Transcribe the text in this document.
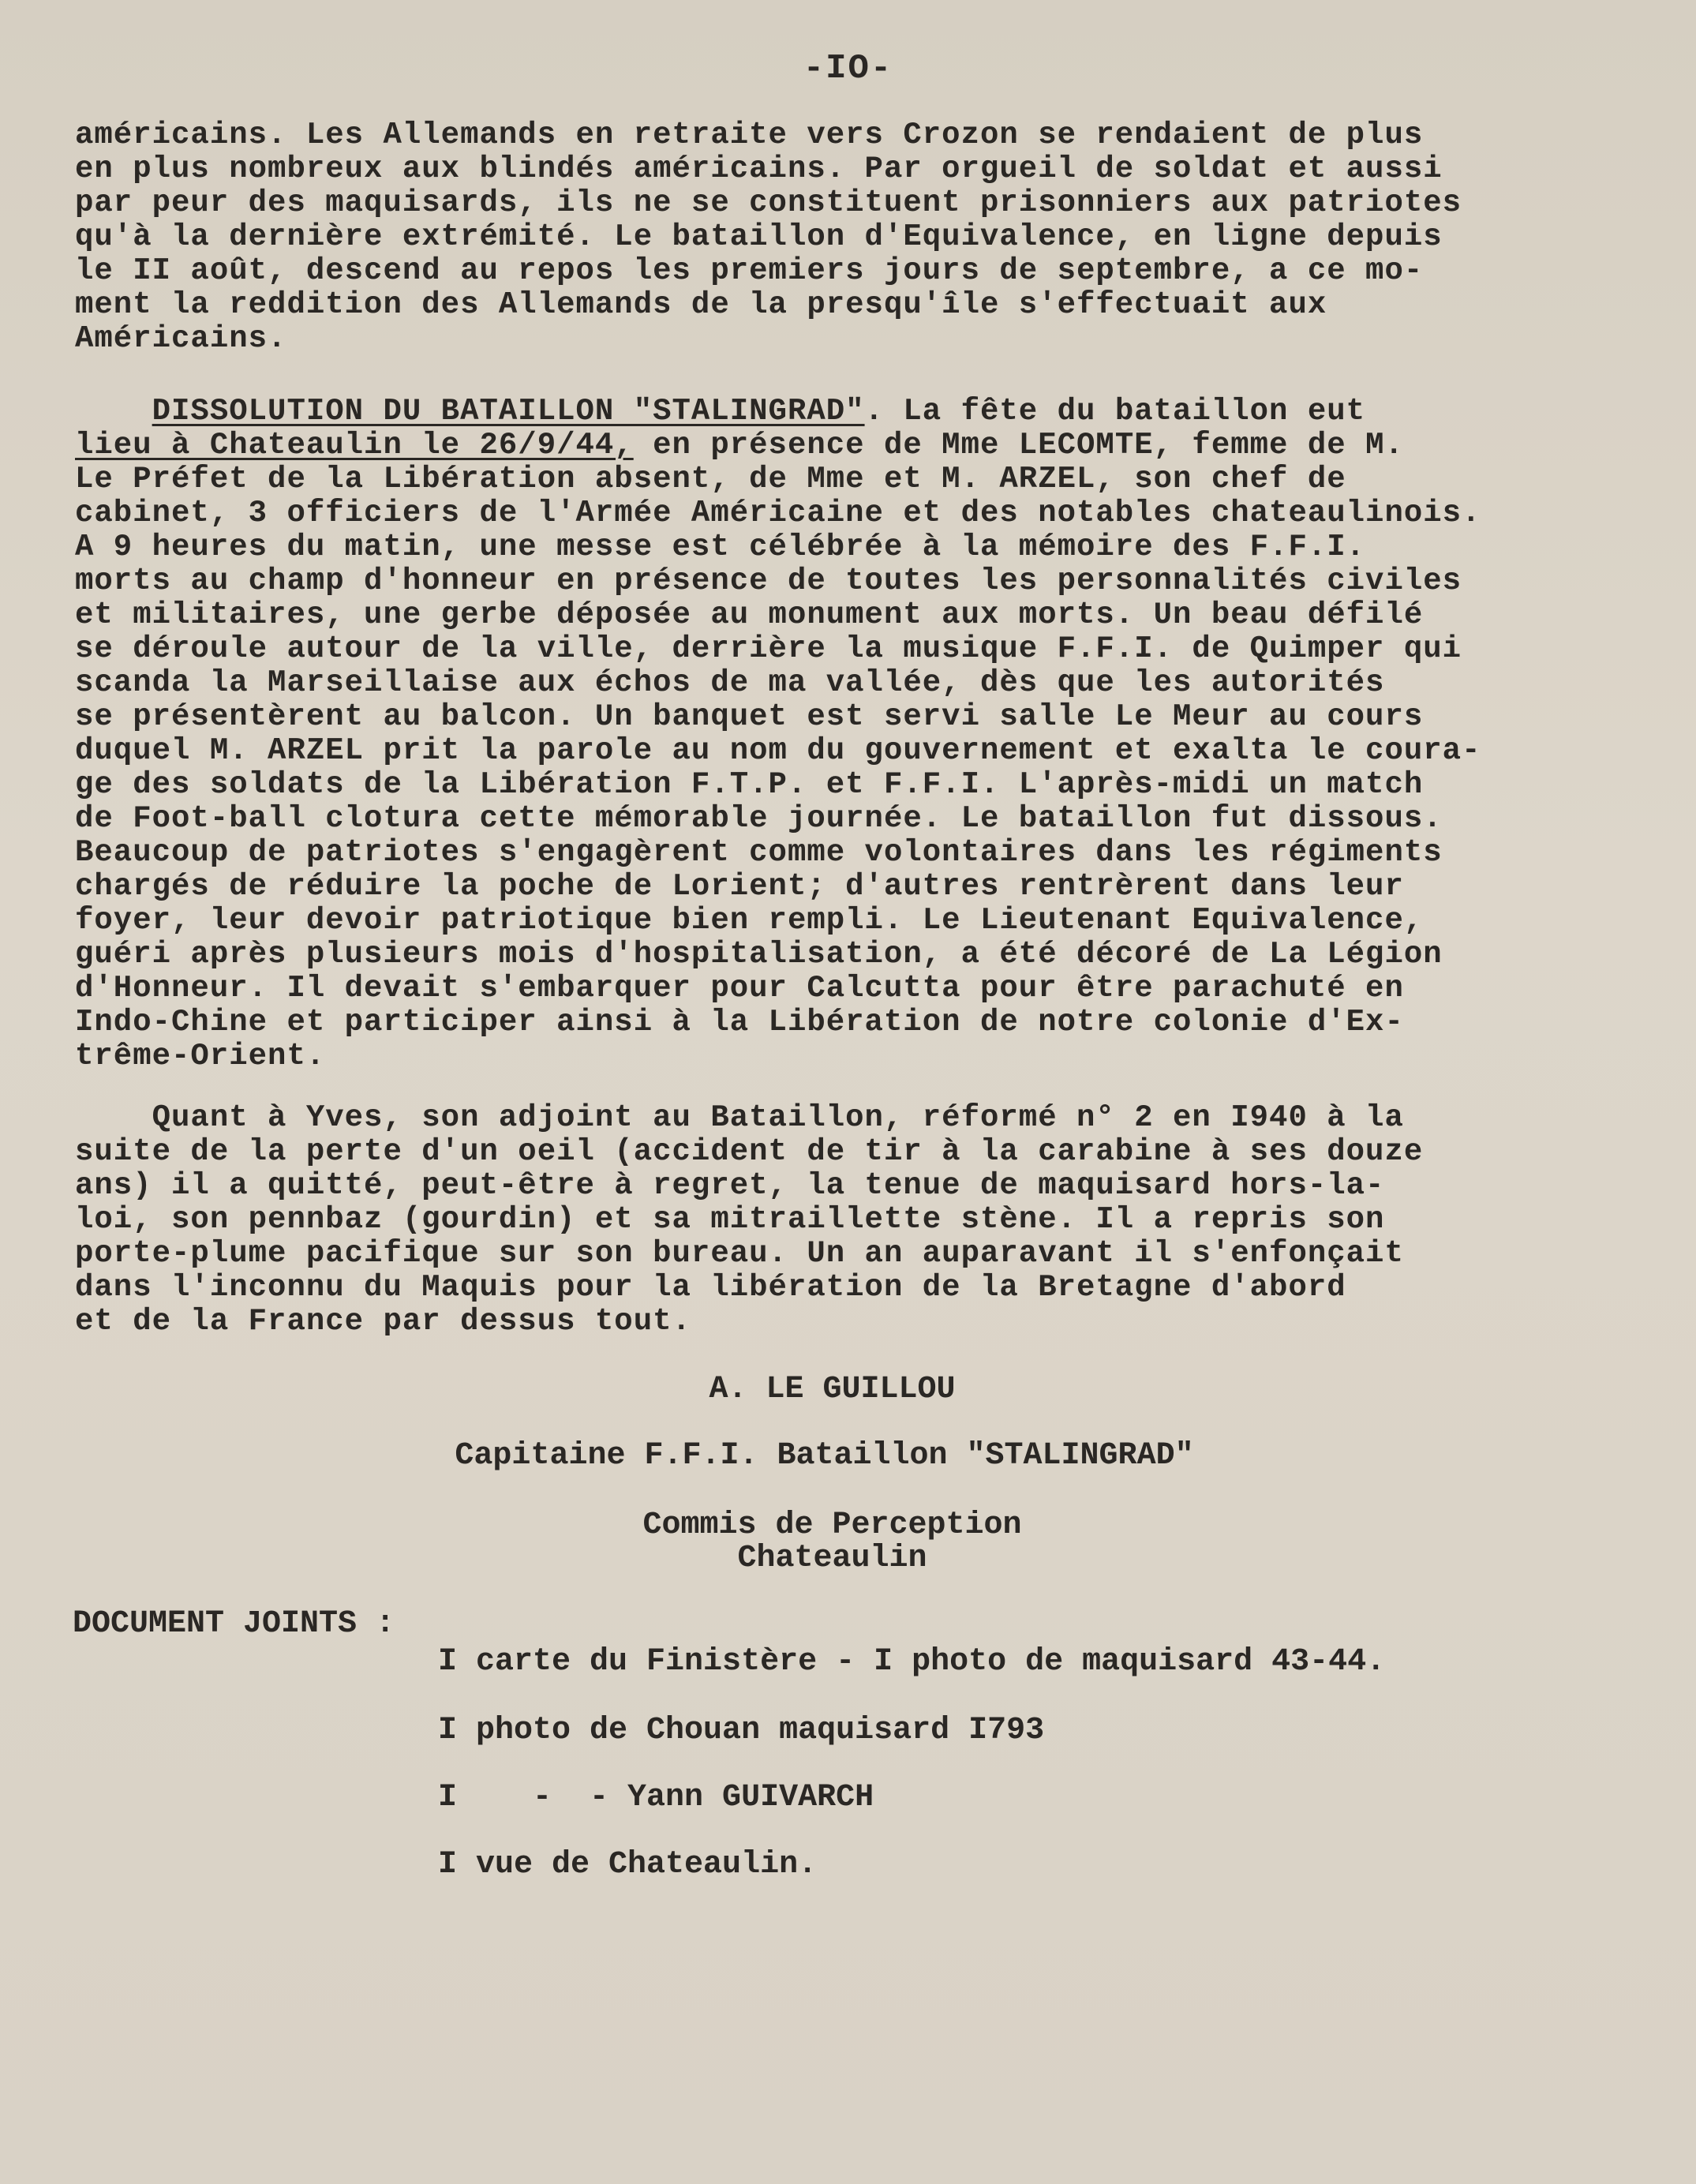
-IO-
américains. Les Allemands en retraite vers Crozon se rendaient de plus
en plus nombreux aux blindés américains. Par orgueil de soldat et aussi
par peur des maquisards, ils ne se constituent prisonniers aux patriotes
qu'à la dernière extrémité. Le bataillon d'Equivalence, en ligne depuis
le II août, descend au repos les premiers jours de septembre, a ce mo-
ment la reddition des Allemands de la presqu'île s'effectuait aux
Américains.
DISSOLUTION DU BATAILLON "STALINGRAD". La fête du bataillon eut
lieu à Chateaulin le 26/9/44, en présence de Mme LECOMTE, femme de M.
Le Préfet de la Libération absent, de Mme et M. ARZEL, son chef de
cabinet, 3 officiers de l'Armée Américaine et des notables chateaulinois.
A 9 heures du matin, une messe est célébrée à la mémoire des F.F.I.
morts au champ d'honneur en présence de toutes les personnalités civiles
et militaires, une gerbe déposée au monument aux morts. Un beau défilé
se déroule autour de la ville, derrière la musique F.F.I. de Quimper qui
scanda la Marseillaise aux échos de ma vallée, dès que les autorités
se présentèrent au balcon. Un banquet est servi salle Le Meur au cours
duquel M. ARZEL prit la parole au nom du gouvernement et exalta le coura-
ge des soldats de la Libération F.T.P. et F.F.I. L'après-midi un match
de Foot-ball clotura cette mémorable journée. Le bataillon fut dissous.
Beaucoup de patriotes s'engagèrent comme volontaires dans les régiments
chargés de réduire la poche de Lorient; d'autres rentrèrent dans leur
foyer, leur devoir patriotique bien rempli. Le Lieutenant Equivalence,
guéri après plusieurs mois d'hospitalisation, a été décoré de La Légion
d'Honneur. Il devait s'embarquer pour Calcutta pour être parachuté en
Indo-Chine et participer ainsi à la Libération de notre colonie d'Ex-
trême-Orient.
Quant à Yves, son adjoint au Bataillon, réformé n° 2 en I940 à la
suite de la perte d'un oeil (accident de tir à la carabine à ses douze
ans) il a quitté, peut-être à regret, la tenue de maquisard hors-la-
loi, son pennbaz (gourdin) et sa mitraillette stène. Il a repris son
porte-plume pacifique sur son bureau. Un an auparavant il s'enfonçait
dans l'inconnu du Maquis pour la libération de la Bretagne d'abord
et de la France par dessus tout.
A. LE GUILLOU
Capitaine F.F.I. Bataillon "STALINGRAD"
Commis de Perception
Chateaulin
DOCUMENT JOINTS :
I carte du Finistère - I photo de maquisard 43-44.
I photo de Chouan maquisard I793
I    -  - Yann GUIVARCH
I vue de Chateaulin.
